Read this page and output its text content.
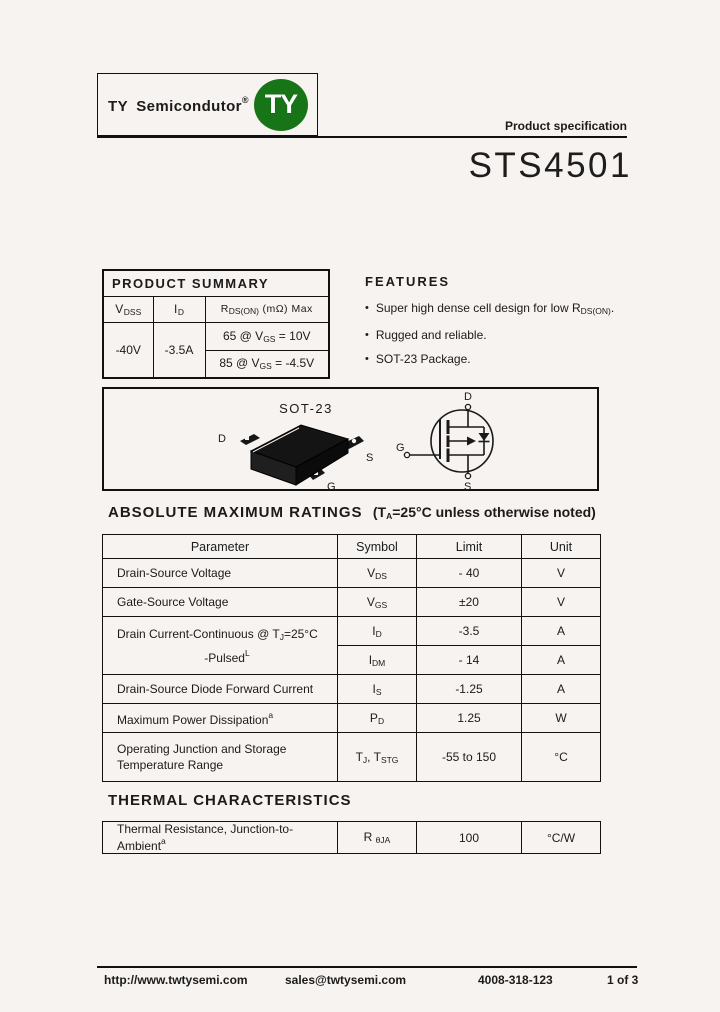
TY Semicondutor® TY
Product specification
STS4501
PRODUCT SUMMARY		
VDSS	ID	RDS(ON) (mΩ) Max
-40V	-3.5A	65 @ VGS = 10V
		85 @ VGS = -4.5V
FEATURES
• Super high dense cell design for low RDS(ON).
• Rugged and reliable.
• SOT-23 Package.
SOT-23
D
S
G
D
S
G
ABSOLUTE MAXIMUM RATINGS (TA=25°C unless otherwise noted)
Parameter	Symbol	Limit	Unit
Drain-Source Voltage	VDS	- 40	V
Gate-Source Voltage	VGS	±20	V
Drain Current-Continuous @ TJ=25°C
-Pulsed$^L$	ID	-3.5	A
	IDM	- 14	A
Drain-Source Diode Forward Current	IS	-1.25	A
Maximum Power Dissipation$^a$	PD	1.25	W
Operating Junction and Storage
Temperature Range	TJ, TSTG	-55 to 150	°C
THERMAL CHARACTERISTICS
Thermal Resistance, Junction-to-Ambient$^a$	R θJA	100	°C/W
http://www.twtysemi.com	sales@twtysemi.com	4008-318-123	1 of 3
